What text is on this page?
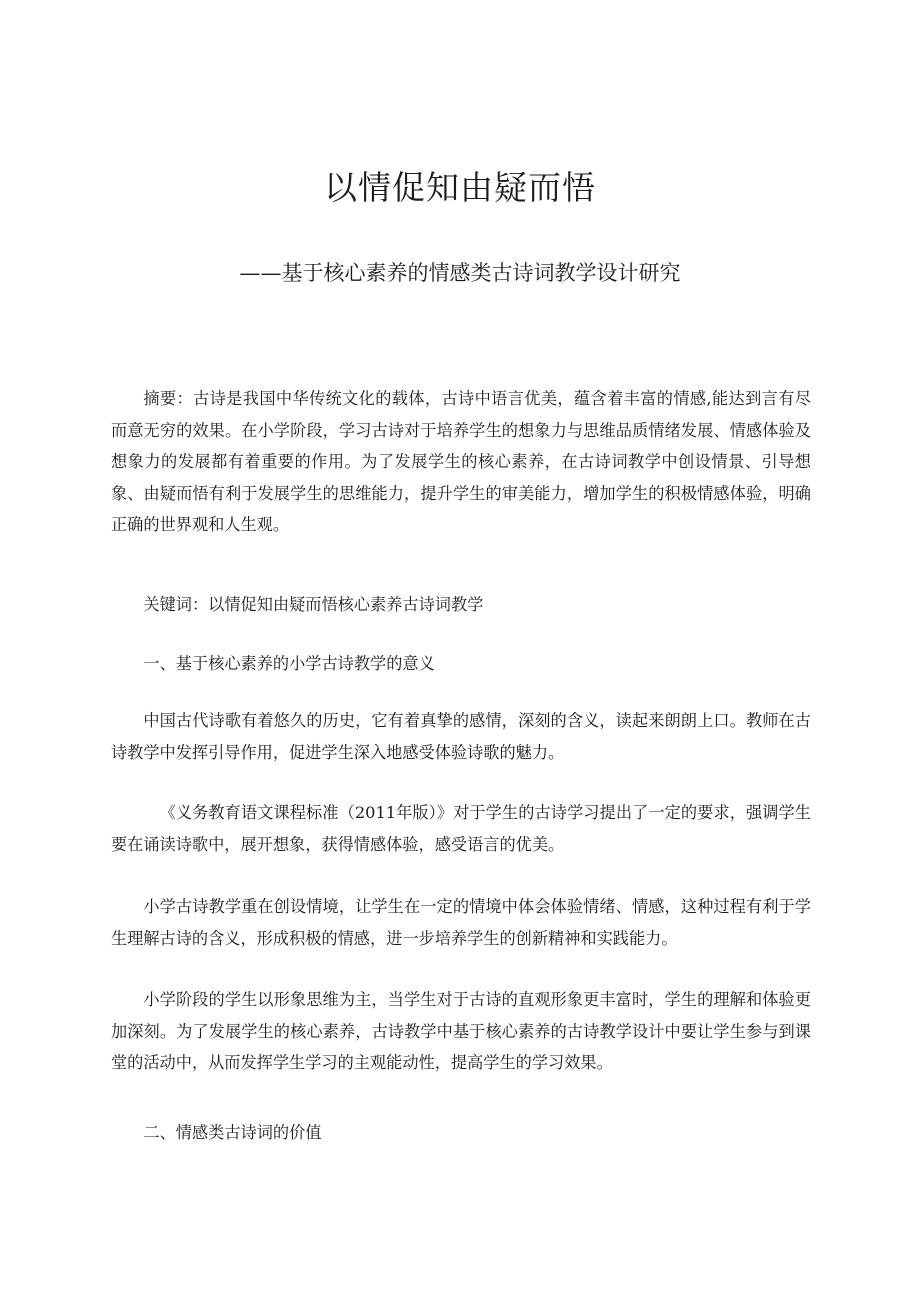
以情促知由疑而悟
——基于核心素养的情感类古诗词教学设计研究

摘要：古诗是我国中华传统文化的载体，古诗中语言优美，蕴含着丰富的情感,能达到言有尽而意无穷的效果。在小学阶段，学习古诗对于培养学生的想象力与思维品质情绪发展、情感体验及想象力的发展都有着重要的作用。为了发展学生的核心素养，在古诗词教学中创设情景、引导想象、由疑而悟有利于发展学生的思维能力，提升学生的审美能力，增加学生的积极情感体验，明确正确的世界观和人生观。

关键词：以情促知由疑而悟核心素养古诗词教学

一、基于核心素养的小学古诗教学的意义

中国古代诗歌有着悠久的历史，它有着真挚的感情，深刻的含义，读起来朗朗上口。教师在古诗教学中发挥引导作用，促进学生深入地感受体验诗歌的魅力。

《义务教育语文课程标准（2011年版）》对于学生的古诗学习提出了一定的要求，强调学生要在诵读诗歌中，展开想象，获得情感体验，感受语言的优美。

小学古诗教学重在创设情境，让学生在一定的情境中体会体验情绪、情感，这种过程有利于学生理解古诗的含义，形成积极的情感，进一步培养学生的创新精神和实践能力。

小学阶段的学生以形象思维为主，当学生对于古诗的直观形象更丰富时，学生的理解和体验更加深刻。为了发展学生的核心素养，古诗教学中基于核心素养的古诗教学设计中要让学生参与到课堂的活动中，从而发挥学生学习的主观能动性，提高学生的学习效果。

二、情感类古诗词的价值
